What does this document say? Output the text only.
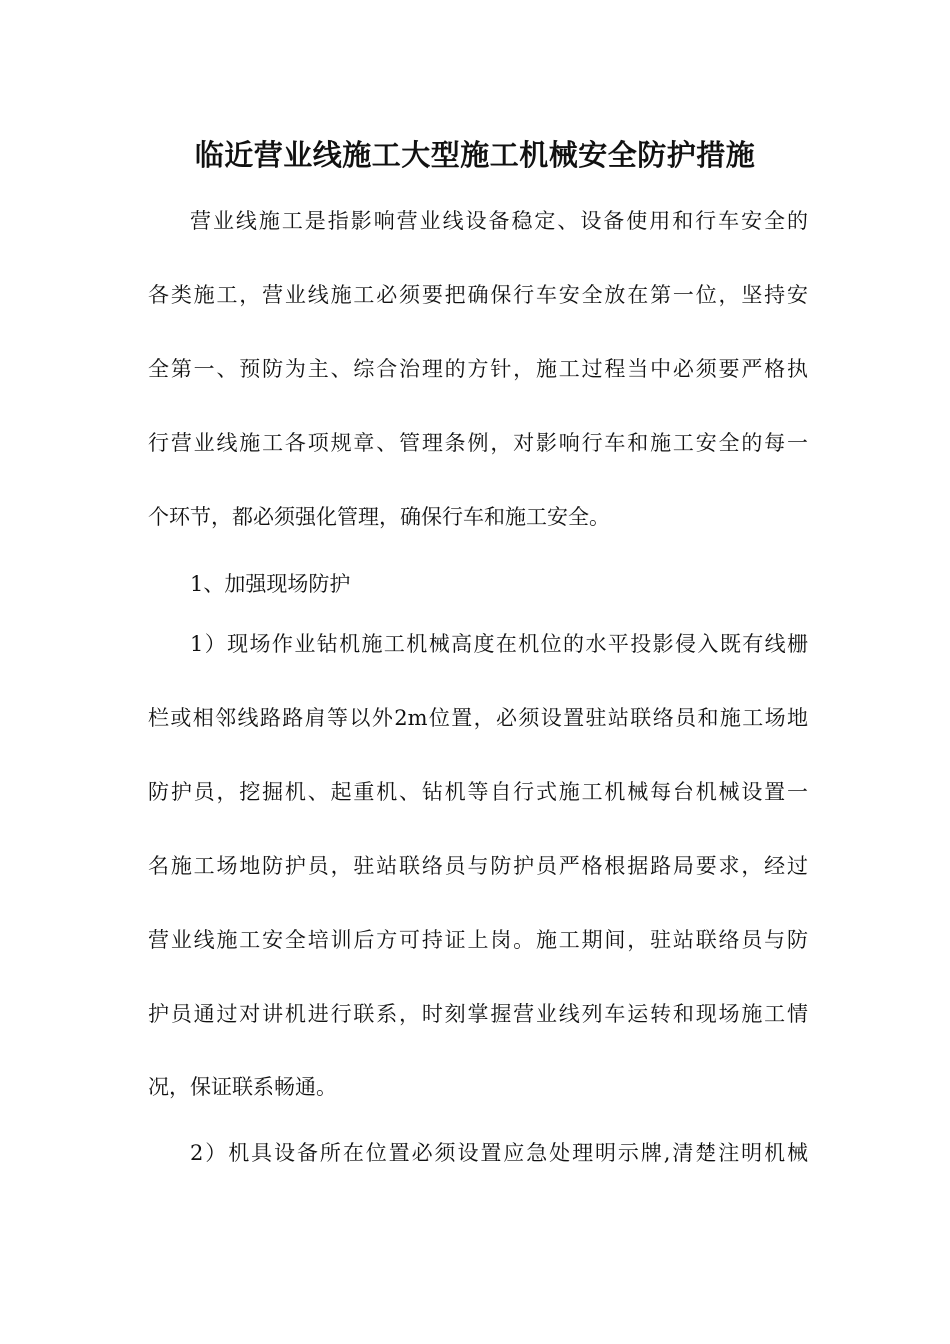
临近营业线施工大型施工机械安全防护措施

营业线施工是指影响营业线设备稳定、设备使用和行车安全的

各类施工，营业线施工必须要把确保行车安全放在第一位，坚持安

全第一、预防为主、综合治理的方针，施工过程当中必须要严格执

行营业线施工各项规章、管理条例，对影响行车和施工安全的每一

个环节，都必须强化管理，确保行车和施工安全。

1、加强现场防护

1）现场作业钻机施工机械高度在机位的水平投影侵入既有线栅

栏或相邻线路路肩等以外2m位置，必须设置驻站联络员和施工场地

防护员，挖掘机、起重机、钻机等自行式施工机械每台机械设置一

名施工场地防护员，驻站联络员与防护员严格根据路局要求，经过

营业线施工安全培训后方可持证上岗。施工期间，驻站联络员与防

护员通过对讲机进行联系，时刻掌握营业线列车运转和现场施工情

况，保证联系畅通。

2）机具设备所在位置必须设置应急处理明示牌,清楚注明机械
